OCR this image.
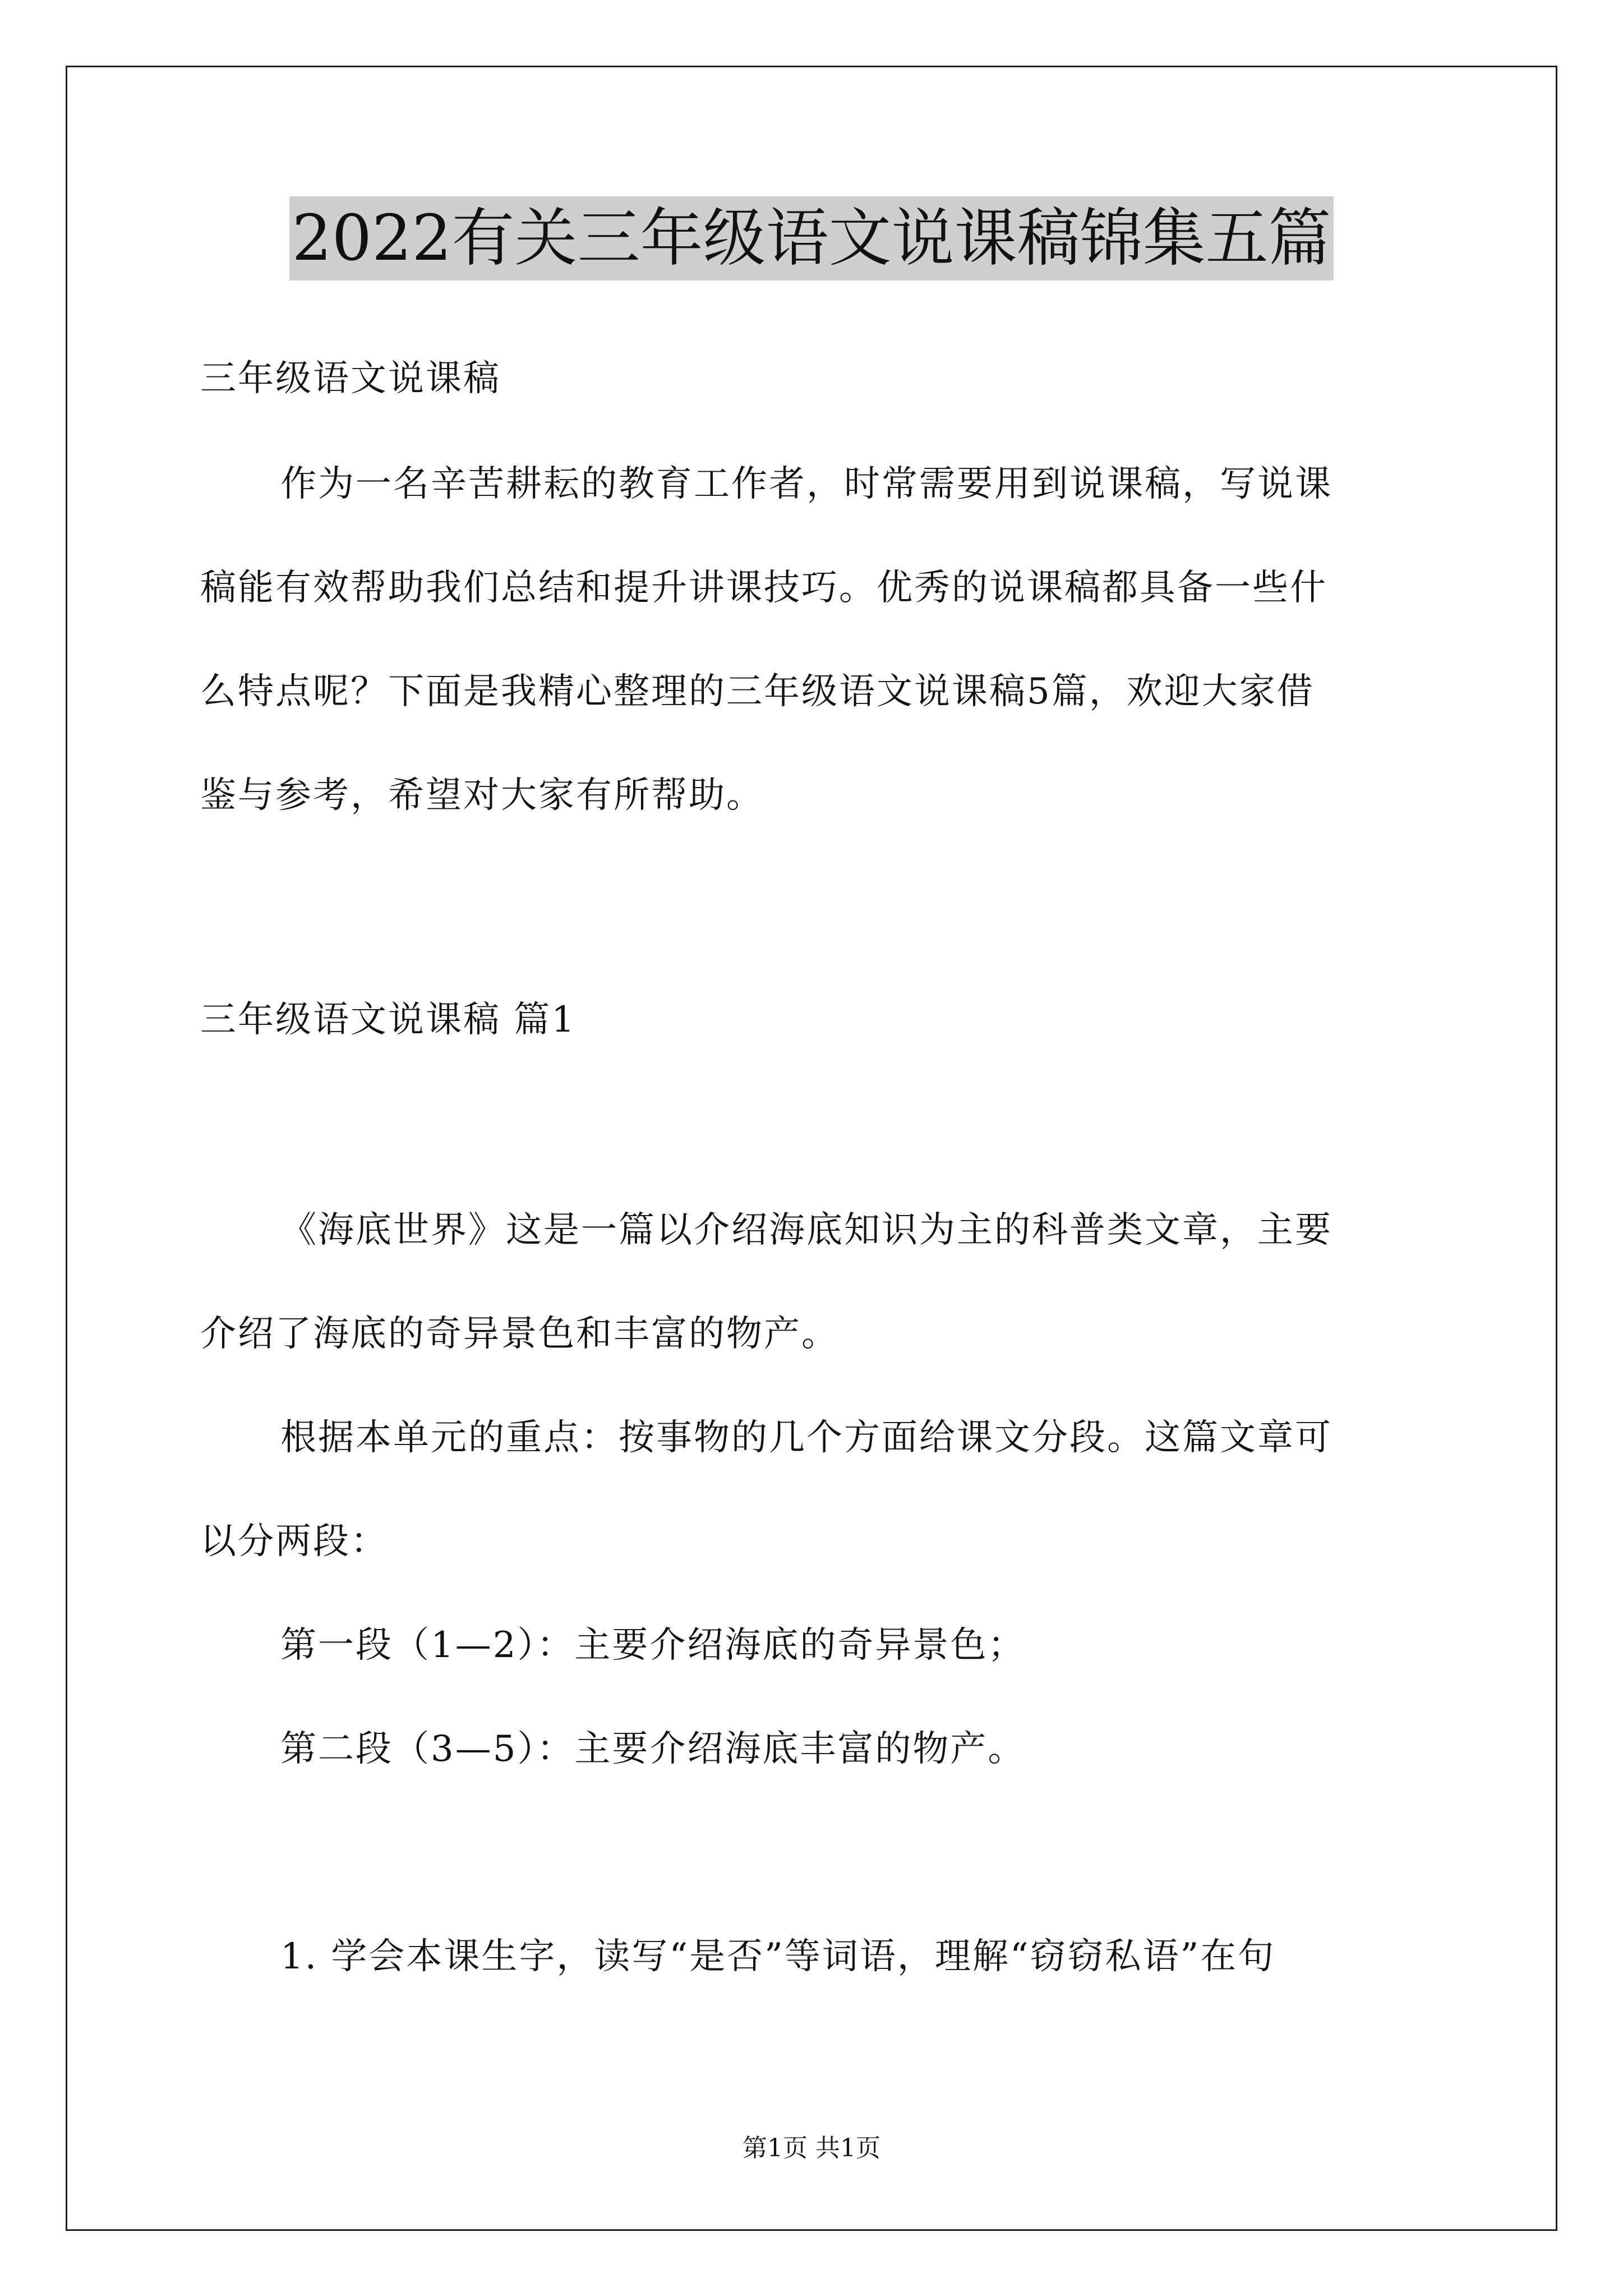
2022有关三年级语文说课稿锦集五篇
三年级语文说课稿
作为一名辛苦耕耘的教育工作者，时常需要用到说课稿，写说课
稿能有效帮助我们总结和提升讲课技巧。优秀的说课稿都具备一些什
么特点呢？下面是我精心整理的三年级语文说课稿5篇，欢迎大家借
鉴与参考，希望对大家有所帮助。
三年级语文说课稿 篇1
《海底世界》这是一篇以介绍海底知识为主的科普类文章，主要
介绍了海底的奇异景色和丰富的物产。
根据本单元的重点：按事物的几个方面给课文分段。这篇文章可
以分两段：
第一段（1—2）：主要介绍海底的奇异景色；
第二段（3—5）：主要介绍海底丰富的物产。
1. 学会本课生字，读写“是否”等词语，理解“窃窃私语”在句
第1页 共1页
